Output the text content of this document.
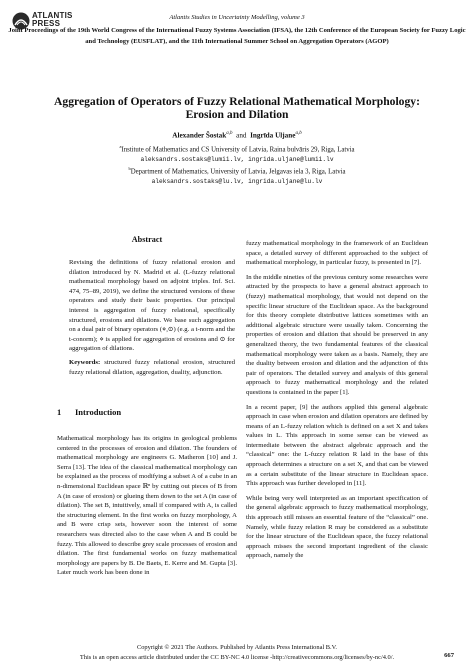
ATLANTIS
PRESS
Atlantis Studies in Uncertainty Modelling, volume 3
Joint Proceedings of the 19th World Congress of the International Fuzzy Systems Association (IFSA), the 12th Conference of the European Society for Fuzzy Logic and Technology (EUSFLAT), and the 11th International Summer School on Aggregation Operators (AGOP)
Aggregation of Operators of Fuzzy Relational Mathematical Morphology: Erosion and Dilation
Alexander Šostak$^{a,b}$ and Ingrīda Uljane$^{a,b}$
$^a$Institute of Mathematics and CS University of Latvia, Raina bulvāris 29, Riga, Latvia
aleksandrs.sostaks@lumii.lv, ingrida.uljane@lumii.lv
$^b$Department of Mathematics, University of Latvia, Jelgavas iela 3, Riga, Latvia
aleksandrs.sostaks@lu.lv, ingrida.uljane@lu.lv
Abstract

Revising the definitions of fuzzy relational erosion and dilation introduced by N. Madrid et al. (L-fuzzy relational mathematical morphology based on adjoint triples. Inf. Sci. 474, 75–89, 2019), we define the structured versions of these operators and study their basic properties. Our principal interest is aggregation of fuzzy relational, specifically structured, erosions and dilations. We base such aggregation on a dual pair of binary operators (⋄,⊙) (e.g. a t-norm and the t-conorm); ⋄ is applied for aggregation of erosions and ⊙ for aggregation of dilations.

Keywords: structured fuzzy relational erosion, structured fuzzy relational dilation, aggregation, duality, adjunction.

1 Introduction
Mathematical morphology has its origins in geological problems centered in the processes of erosion and dilation. The founders of mathematical morphology are engineers G. Matheron [10] and J. Serra [13]. The idea of the classical mathematical morphology can be explained as the process of modifying a subset A of a cube in an n-dimensional Euclidean space ℝⁿ by cutting out pieces of B from A (in case of erosion) or glueing them down to the set A (in case of dilation). The set B, intuitively, small if compared with A, is called the structuring element. In the first works on fuzzy morphology, A and B were crisp sets, however soon the interest of some researchers was directed also to the case when A and B could be fuzzy. This allowed to describe grey scale processes of erosion and dilation. The first fundamental works on fuzzy mathematical morphology are papers by B. De Baets, E. Kerre and M. Gupta [3]. Later much work has been done in

fuzzy mathematical morphology in the framework of an Euclidean space, a detailed survey of different approached to the subject of mathematical morphology, in particular fuzzy, is presented in [7].

In the middle nineties of the previous century some researches were attracted by the prospects to have a general abstract approach to (fuzzy) mathematical morphology, that would not depend on the specific linear structure of the Euclidean space. As the background for this theory complete distributive lattices sometimes with an additional algebraic structure were usually taken. Concerning the properties of erosion and dilation that should be preserved in any generalized theory, the two fundamental features of the classical mathematical morphology were taken as a basis. Namely, they are the duality between erosion and dilation and the adjunction of this pair of operators. The detailed survey and analysis of this general approach to fuzzy mathematical morphology and the related questions is contained in the paper [1].

In a recent paper, [9] the authors applied this general algebraic approach in case when erosion and dilation operators are defined by means of an L-fuzzy relation which is defined on a set X and takes values in L. This approach in some sense can be viewed as intermediate between the abstract algebraic approach and the “classical” one: the L-fuzzy relation R laid in the base of this approach determines a structure on a set X, and that can be viewed as a certain substitute of the linear structure in Euclidean space. This approach was further developed in [11].

While being very well interpreted as an important specification of the general algebraic approach to fuzzy mathematical morphology, this approach still misses an essential feature of the “classical” one. Namely, while fuzzy relation R may be considered as a substitute for the linear structure of the Euclidean space, the fuzzy relational approach misses the second important ingredient of the classic approach, namely the

Copyright © 2021 The Authors. Published by Atlantis Press International B.V.
This is an open access article distributed under the CC BY-NC 4.0 license -http://creativecommons.org/licenses/by-nc/4.0/.	667
